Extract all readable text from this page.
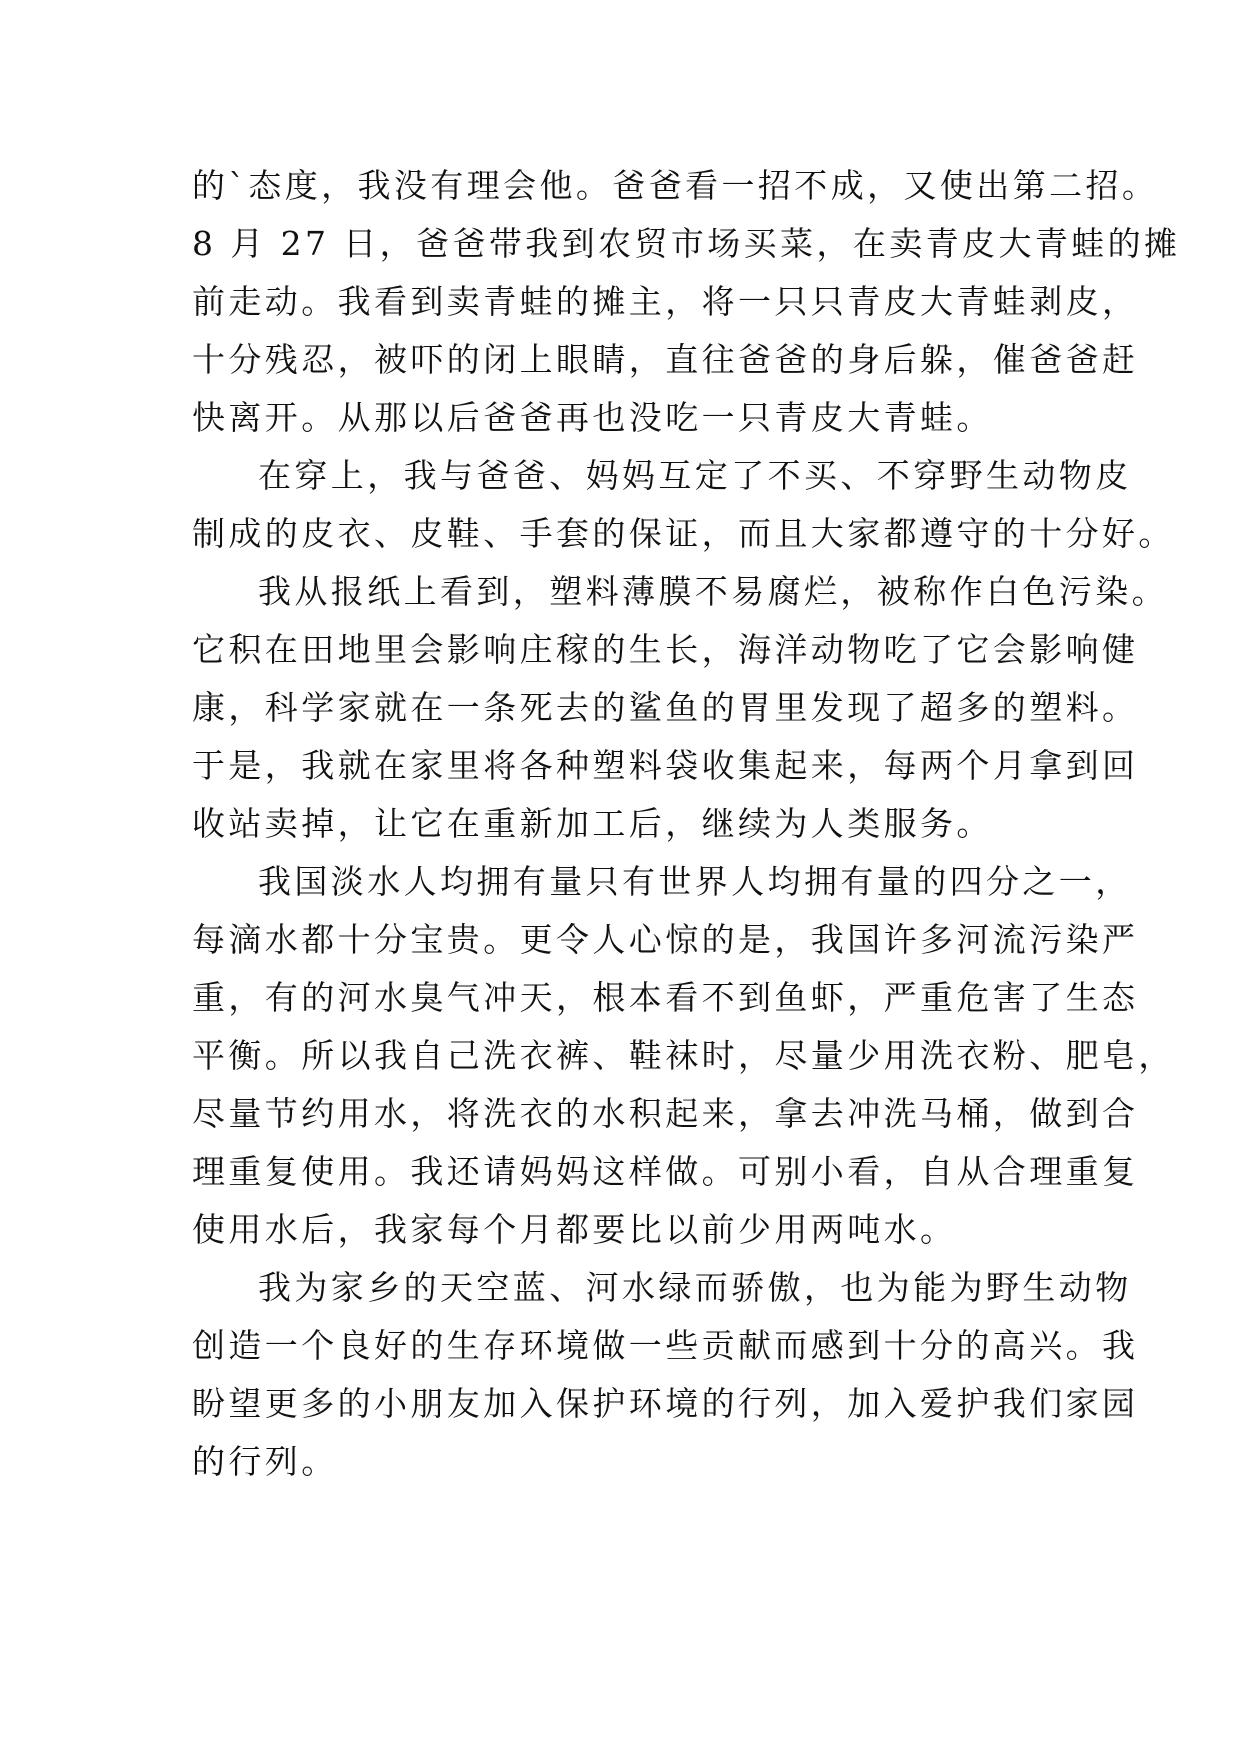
的`态度，我没有理会他。爸爸看一招不成，又使出第二招。
8 月 27 日，爸爸带我到农贸市场买菜，在卖青皮大青蛙的摊
前走动。我看到卖青蛙的摊主，将一只只青皮大青蛙剥皮，
十分残忍，被吓的闭上眼睛，直往爸爸的身后躲，催爸爸赶
快离开。从那以后爸爸再也没吃一只青皮大青蛙。
在穿上，我与爸爸、妈妈互定了不买、不穿野生动物皮
制成的皮衣、皮鞋、手套的保证，而且大家都遵守的十分好。
我从报纸上看到，塑料薄膜不易腐烂，被称作白色污染。
它积在田地里会影响庄稼的生长，海洋动物吃了它会影响健
康，科学家就在一条死去的鲨鱼的胃里发现了超多的塑料。
于是，我就在家里将各种塑料袋收集起来，每两个月拿到回
收站卖掉，让它在重新加工后，继续为人类服务。
我国淡水人均拥有量只有世界人均拥有量的四分之一，
每滴水都十分宝贵。更令人心惊的是，我国许多河流污染严
重，有的河水臭气冲天，根本看不到鱼虾，严重危害了生态
平衡。所以我自己洗衣裤、鞋袜时，尽量少用洗衣粉、肥皂，
尽量节约用水，将洗衣的水积起来，拿去冲洗马桶，做到合
理重复使用。我还请妈妈这样做。可别小看，自从合理重复
使用水后，我家每个月都要比以前少用两吨水。
我为家乡的天空蓝、河水绿而骄傲，也为能为野生动物
创造一个良好的生存环境做一些贡献而感到十分的高兴。我
盼望更多的小朋友加入保护环境的行列，加入爱护我们家园
的行列。
